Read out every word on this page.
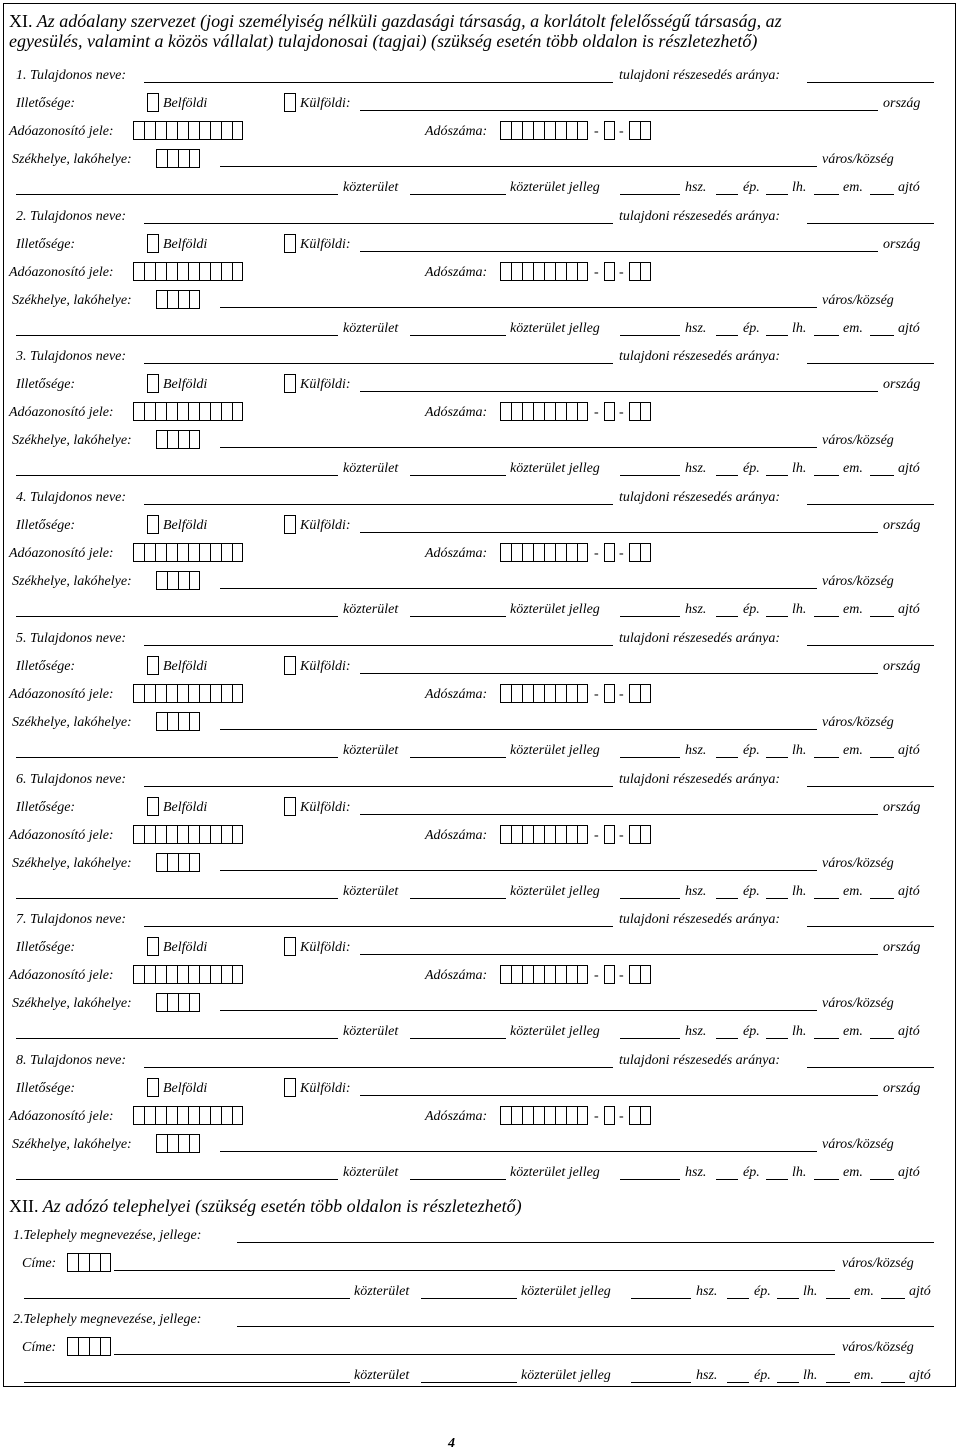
XI. Az adóalany szervezet (jogi személyiség nélküli gazdasági társaság, a korlátolt felelősségű társaság, az
egyesülés, valamint a közös vállalat) tulajdonosai (tagjai) (szükség esetén több oldalon is részletezhető)
1. Tulajdonos neve:	tulajdoni részesedés aránya:
Illetősége:	Belföldi	Külföldi:	ország
Adóazonosító jele:	Adószáma:	- -
Székhelye, lakóhelye:	város/község
közterület	közterület jelleg	hsz.	ép. lh.	em.	ajtó
2. Tulajdonos neve:	tulajdoni részesedés aránya:
Illetősége:	Belföldi	Külföldi:	ország
Adóazonosító jele:	Adószáma:	- -
Székhelye, lakóhelye:	város/község
közterület	közterület jelleg	hsz.	ép. lh.	em.	ajtó
3. Tulajdonos neve:	tulajdoni részesedés aránya:
Illetősége:	Belföldi	Külföldi:	ország
Adóazonosító jele:	Adószáma:	- -
Székhelye, lakóhelye:	város/község
közterület	közterület jelleg	hsz.	ép. lh.	em.	ajtó
4. Tulajdonos neve:	tulajdoni részesedés aránya:
Illetősége:	Belföldi	Külföldi:	ország
Adóazonosító jele:	Adószáma:	- -
Székhelye, lakóhelye:	város/község
közterület	közterület jelleg	hsz.	ép. lh.	em.	ajtó
5. Tulajdonos neve:	tulajdoni részesedés aránya:
Illetősége:	Belföldi	Külföldi:	ország
Adóazonosító jele:	Adószáma:	- -
Székhelye, lakóhelye:	város/község
közterület	közterület jelleg	hsz.	ép. lh.	em.	ajtó
6. Tulajdonos neve:	tulajdoni részesedés aránya:
Illetősége:	Belföldi	Külföldi:	ország
Adóazonosító jele:	Adószáma:	- -
Székhelye, lakóhelye:	város/község
közterület	közterület jelleg	hsz.	ép. lh.	em.	ajtó
7. Tulajdonos neve:	tulajdoni részesedés aránya:
Illetősége:	Belföldi	Külföldi:	ország
Adóazonosító jele:	Adószáma:	- -
Székhelye, lakóhelye:	város/község
közterület	közterület jelleg	hsz.	ép. lh.	em.	ajtó
8. Tulajdonos neve:	tulajdoni részesedés aránya:
Illetősége:	Belföldi	Külföldi:	ország
Adóazonosító jele:	Adószáma:	- -
Székhelye, lakóhelye:	város/község
közterület	közterület jelleg	hsz.	ép. lh.	em.	ajtó
XII. Az adózó telephelyei (szükség esetén több oldalon is részletezhető)
1.Telephely megnevezése, jellege:
Címe:	város/község
közterület	közterület jelleg	hsz.	ép. lh.	em.	ajtó
2.Telephely megnevezése, jellege:
Címe:	város/község
közterület	közterület jelleg	hsz.	ép. lh.	em.	ajtó
4
